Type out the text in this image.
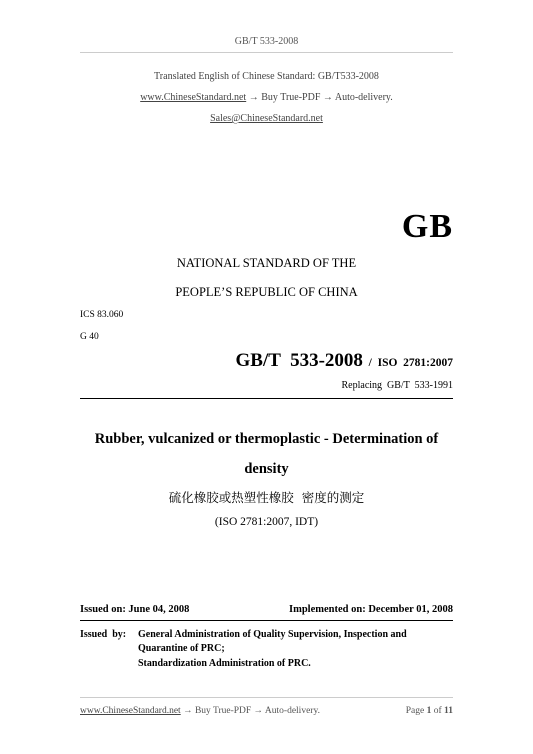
GB/T 533-2008
Translated English of Chinese Standard: GB/T533-2008
www.ChineseStandard.net → Buy True-PDF → Auto-delivery.
Sales@ChineseStandard.net
GB
NATIONAL STANDARD OF THE
PEOPLE’S REPUBLIC OF CHINA
ICS 83.060
G 40
GB/T  533-2008  /  ISO  2781:2007
Replacing  GB/T  533-1991
Rubber, vulcanized or thermoplastic - Determination of
density
硫化橡胶或热塑性橡胶  密度的测定
(ISO 2781:2007, IDT)
Issued on: June 04, 2008	Implemented on: December 01, 2008
Issued  by:	General Administration of Quality Supervision, Inspection and
Quarantine of PRC;
Standardization Administration of PRC.
www.ChineseStandard.net → Buy True-PDF → Auto-delivery.	Page 1 of 11
